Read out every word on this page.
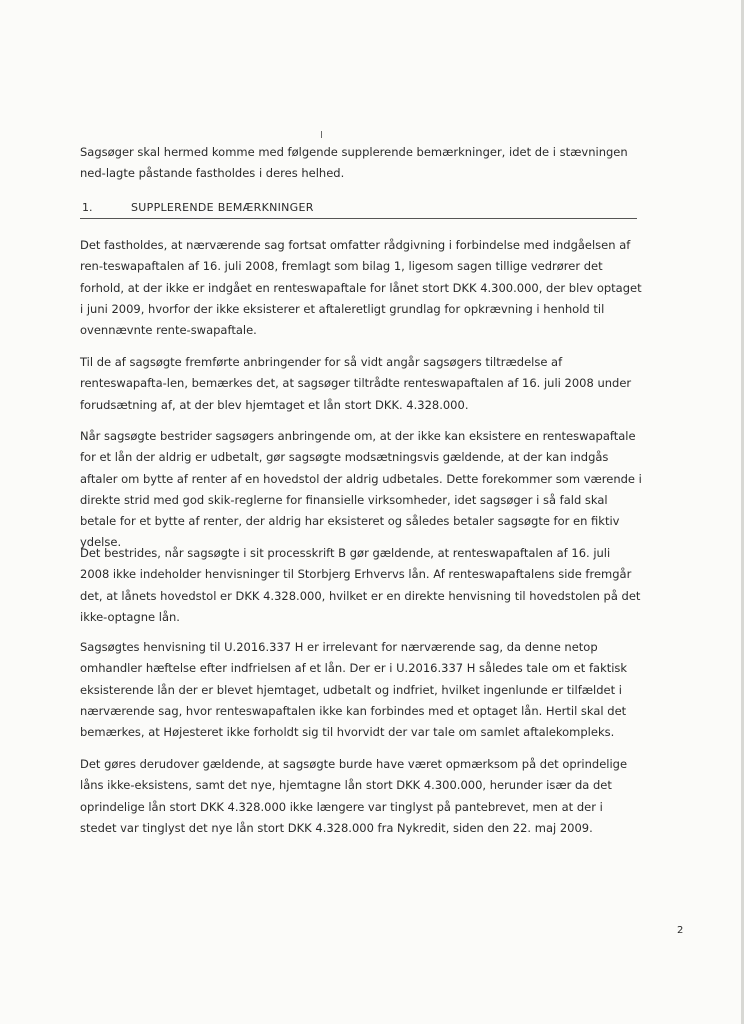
I

Sagsøger skal hermed komme med følgende supplerende bemærkninger, idet de i stævningen ned-lagte påstande fastholdes i deres helhed.

1.	SUPPLERENDE BEMÆRKNINGER

Det fastholdes, at nærværende sag fortsat omfatter rådgivning i forbindelse med indgåelsen af ren-teswapaftalen af 16. juli 2008, fremlagt som bilag 1, ligesom sagen tillige vedrører det forhold, at der ikke er indgået en renteswapaftale for lånet stort DKK 4.300.000, der blev optaget i juni 2009, hvorfor der ikke eksisterer et aftaleretligt grundlag for opkrævning i henhold til ovennævnte rente-swapaftale.

Til de af sagsøgte fremførte anbringender for så vidt angår sagsøgers tiltrædelse af renteswapafta-len, bemærkes det, at sagsøger tiltrådte renteswapaftalen af 16. juli 2008 under forudsætning af, at der blev hjemtaget et lån stort DKK. 4.328.000.

Når sagsøgte bestrider sagsøgers anbringende om, at der ikke kan eksistere en renteswapaftale for et lån der aldrig er udbetalt, gør sagsøgte modsætningsvis gældende, at der kan indgås aftaler om bytte af renter af en hovedstol der aldrig udbetales. Dette forekommer som værende i direkte strid med god skik-reglerne for finansielle virksomheder, idet sagsøger i så fald skal betale for et bytte af renter, der aldrig har eksisteret og således betaler sagsøgte for en fiktiv ydelse.

Det bestrides, når sagsøgte i sit processkrift B gør gældende, at renteswapaftalen af 16. juli 2008 ikke indeholder henvisninger til Storbjerg Erhvervs lån. Af renteswapaftalens side fremgår det, at lånets hovedstol er DKK 4.328.000, hvilket er en direkte henvisning til hovedstolen på det ikke-optagne lån.

Sagsøgtes henvisning til U.2016.337 H er irrelevant for nærværende sag, da denne netop omhandler hæftelse efter indfrielsen af et lån. Der er i U.2016.337 H således tale om et faktisk eksisterende lån der er blevet hjemtaget, udbetalt og indfriet, hvilket ingenlunde er tilfældet i nærværende sag, hvor renteswapaftalen ikke kan forbindes med et optaget lån. Hertil skal det bemærkes, at Højesteret ikke forholdt sig til hvorvidt der var tale om samlet aftalekompleks.

Det gøres derudover gældende, at sagsøgte burde have været opmærksom på det oprindelige låns ikke-eksistens, samt det nye, hjemtagne lån stort DKK 4.300.000, herunder især da det oprindelige lån stort DKK 4.328.000 ikke længere var tinglyst på pantebrevet, men at der i stedet var tinglyst det nye lån stort DKK 4.328.000 fra Nykredit, siden den 22. maj 2009.

2
